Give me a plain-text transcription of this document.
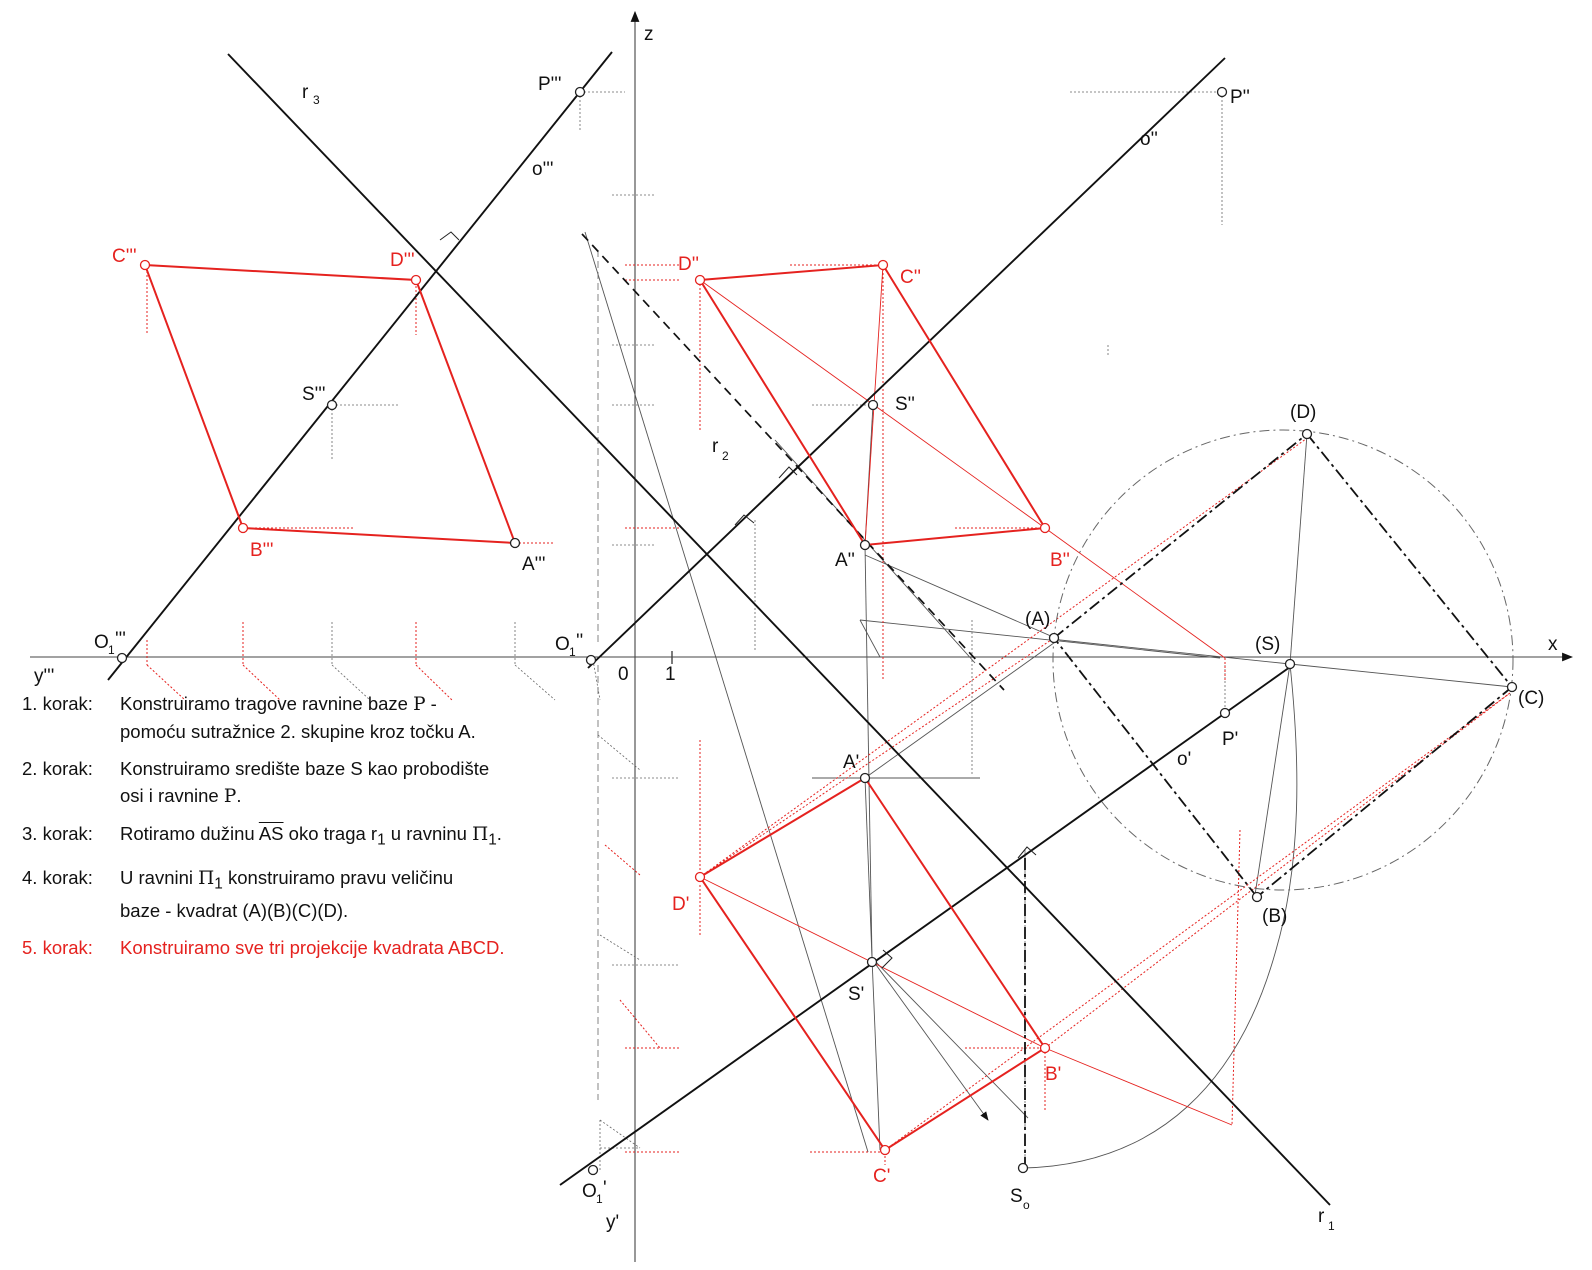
x
z
y'''
y'
0 1
r 3
r 2
r 1
o'''
o''
o'
O 1 '''	O 1 ''
O 1 '
P'''
P''
P'
S'''
A'''
S''
A''
A'
S'
(A)
(S)
(D)
(C)
(B)
S o
C'''	D'''
B'''
D''
C''
B''
D'
B'
C'
1. korak:	Konstruiramo tragove ravnine baze P -
pomoću sutražnice 2. skupine kroz točku A.
2. korak:	Konstruiramo središte baze S kao probodište
osi i ravnine P.
3. korak:	Rotiramo dužinu $\overline{AS}$ oko traga $r_1$ u ravninu $\Pi_1$.
4. korak:	U ravnini $\Pi_1$ konstruiramo pravu veličinu
baze - kvadrat (A)(B)(C)(D).
5. korak:	Konstruiramo sve tri projekcije kvadrata ABCD.
